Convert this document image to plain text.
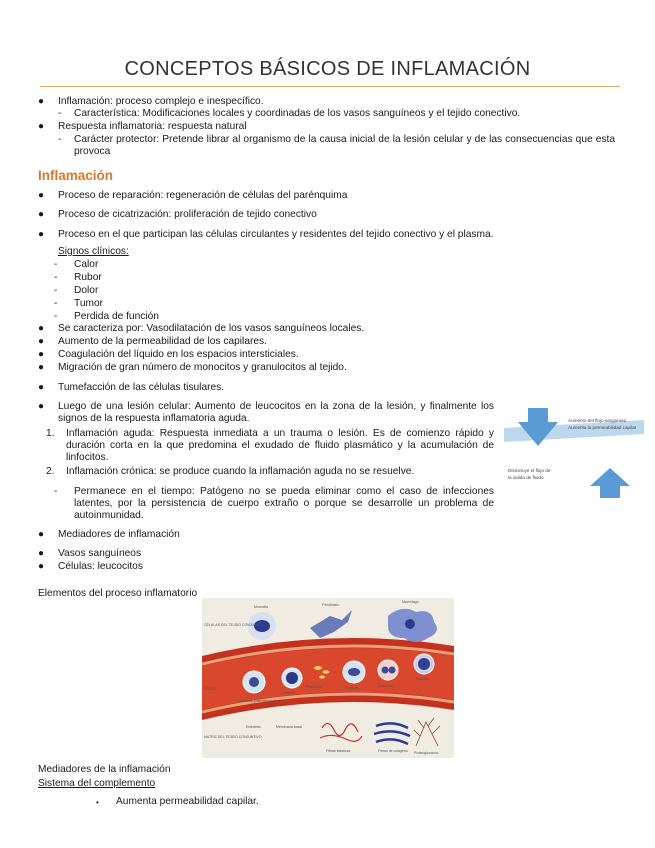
CONCEPTOS BÁSICOS DE INFLAMACIÓN
● Inflamación: proceso complejo e inespecífico.
- Característica: Modificaciones locales y coordinadas de los vasos sanguíneos y el tejido conectivo.
● Respuesta inflamatoria: respuesta natural
- Carácter protector: Pretende librar al organismo de la causa inicial de la lesión celular y de las consecuencias que esta provoca
Inflamación
● Proceso de reparación: regeneración de células del parénquima
● Proceso de cicatrización: proliferación de tejido conectivo
● Proceso en el que participan las células circulantes y residentes del tejido conectivo y el plasma.
Signos clínicos:
- Calor
- Rubor
- Dolor
- Tumor
- Perdida de función
● Se caracteriza por: Vasodilatación de los vasos sanguíneos locales.
● Aumento de la permeabilidad de los capilares.
● Coagulación del líquido en los espacios intersticiales.
● Migración de gran número de monocitos y granulocitos al tejido.
● Tumefacción de las células tisulares.
● Luego de una lesión celular: Aumento de leucocitos en la zona de la lesión, y finalmente los signos de la respuesta inflamatoria aguda.
1. Inflamación aguda: Respuesta inmediata a un trauma o lesión. Es de comienzo rápido y duración corta en la que predomina el exudado de fluido plasmático y la acumulación de linfocitos.
2. Inflamación crónica: se produce cuando la inflamación aguda no se resuelve.
- Permanece en el tiempo: Patógeno no se pueda eliminar como el caso de infecciones latentes, por la persistencia de cuerpo extraño o porque se desarrolle un problema de autoinmunidad.
● Mediadores de inflamación
● Vasos sanguíneos
● Células: leucocitos
Elementos del proceso inflamatorio
Aumento del flujo sanguíneo
Aumenta la permeabilidad capilar
Disminuye el flujo de
la salida de fluido
Monocito	Fibroblasto
Macrófago
CÉLULAS DEL TEJIDO CONJUNTIVO
VASOS	Plaquetas
Leucocito polimorfonuclear
Linfocito
Monocito	Eosinófilo
Basófilo
MATRIZ DEL TEJIDO CONJUNTIVO
Endotelio	Membrana basal
Fibras elásticas	Fibras de colágeno Proteoglucanos
Mediadores de la inflamación
Sistema del complemento
• Aumenta permeabilidad capilar.
